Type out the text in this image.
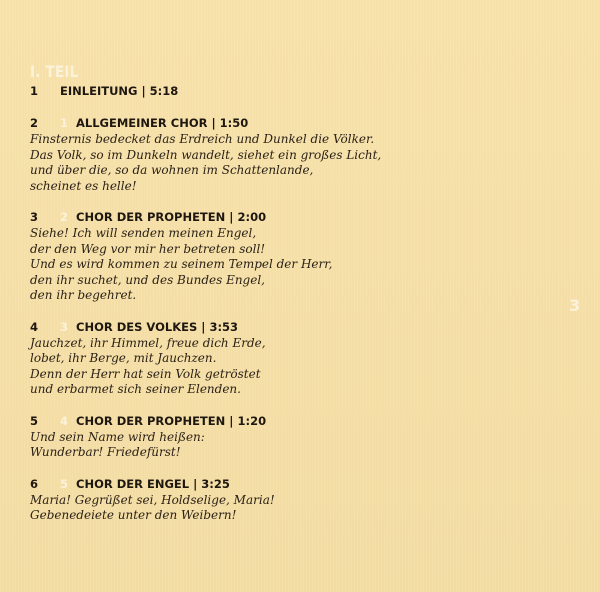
I. TEIL
1 EINLEITUNG | 5:18
2 1 ALLGEMEINER CHOR | 1:50
Finsternis bedecket das Erdreich und Dunkel die Völker.
Das Volk, so im Dunkeln wandelt, siehet ein großes Licht,
und über die, so da wohnen im Schattenlande,
scheinet es helle!
3 2 CHOR DER PROPHETEN | 2:00
Siehe! Ich will senden meinen Engel,
der den Weg vor mir her betreten soll!
Und es wird kommen zu seinem Tempel der Herr,
den ihr suchet, und des Bundes Engel,
den ihr begehret.
4 3 CHOR DES VOLKES | 3:53
Jauchzet, ihr Himmel, freue dich Erde,
lobet, ihr Berge, mit Jauchzen.
Denn der Herr hat sein Volk getröstet
und erbarmet sich seiner Elenden.
5 4 CHOR DER PROPHETEN | 1:20
Und sein Name wird heißen:
Wunderbar! Friedefürst!
6 5 CHOR DER ENGEL | 3:25
Maria! Gegrüßet sei, Holdselige, Maria!
Gebenedeiete unter den Weibern!
3
